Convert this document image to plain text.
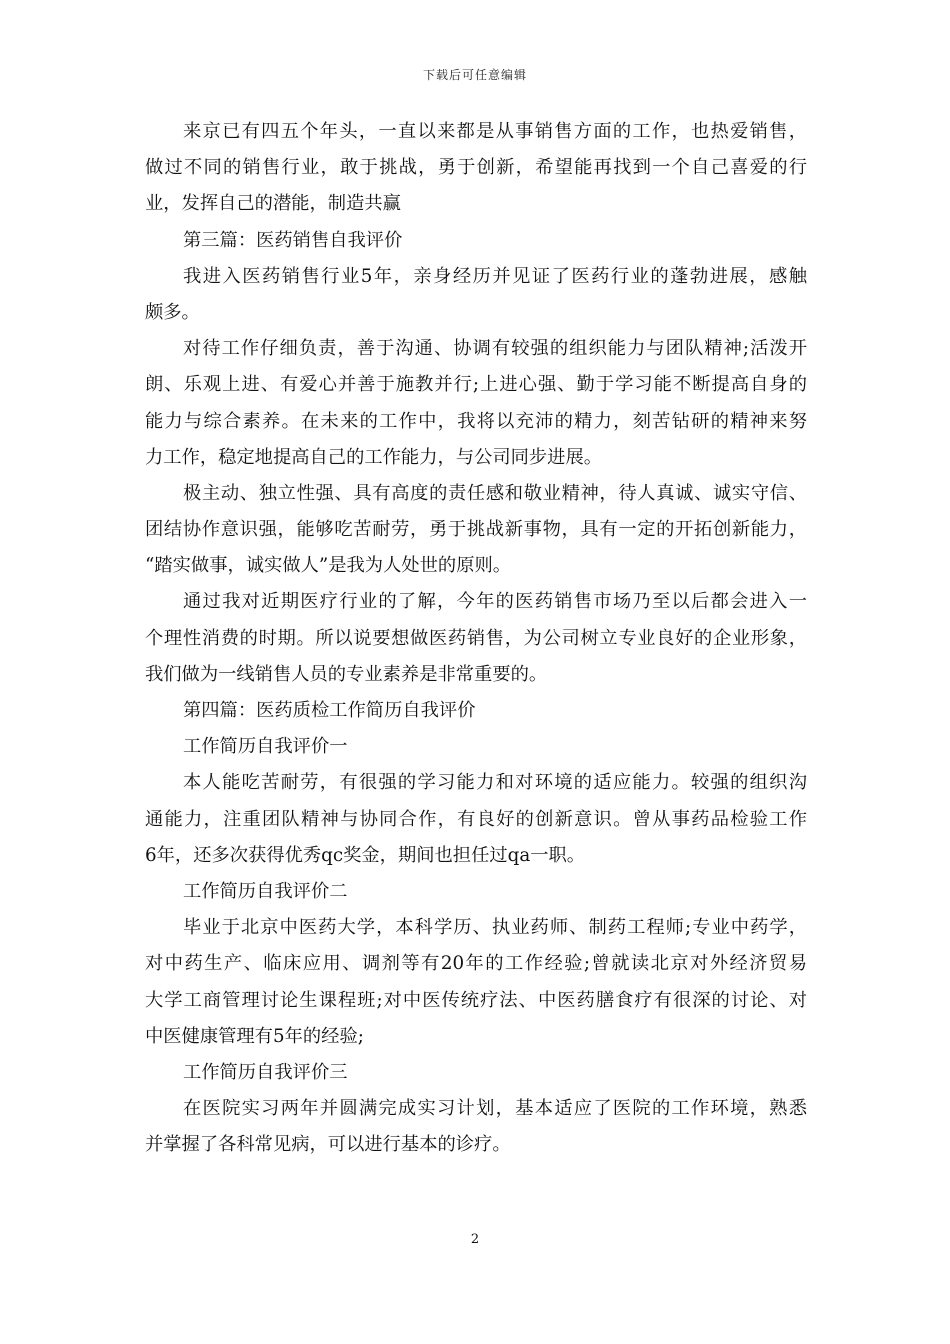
下载后可任意编辑
来京已有四五个年头，一直以来都是从事销售方面的工作，也热爱销售，
做过不同的销售行业，敢于挑战，勇于创新，希望能再找到一个自己喜爱的行
业，发挥自己的潜能，制造共赢
第三篇：医药销售自我评价
我进入医药销售行业5年，亲身经历并见证了医药行业的蓬勃进展，感触
颇多。
对待工作仔细负责，善于沟通、协调有较强的组织能力与团队精神;活泼开
朗、乐观上进、有爱心并善于施教并行;上进心强、勤于学习能不断提高自身的
能力与综合素养。在未来的工作中，我将以充沛的精力，刻苦钻研的精神来努
力工作，稳定地提高自己的工作能力，与公司同步进展。
极主动、独立性强、具有高度的责任感和敬业精神，待人真诚、诚实守信、
团结协作意识强，能够吃苦耐劳，勇于挑战新事物，具有一定的开拓创新能力，
“踏实做事，诚实做人”是我为人处世的原则。
通过我对近期医疗行业的了解，今年的医药销售市场乃至以后都会进入一
个理性消费的时期。所以说要想做医药销售，为公司树立专业良好的企业形象，
我们做为一线销售人员的专业素养是非常重要的。
第四篇：医药质检工作简历自我评价
工作简历自我评价一
本人能吃苦耐劳，有很强的学习能力和对环境的适应能力。较强的组织沟
通能力，注重团队精神与协同合作，有良好的创新意识。曾从事药品检验工作
6年，还多次获得优秀qc奖金，期间也担任过qa一职。
工作简历自我评价二
毕业于北京中医药大学，本科学历、执业药师、制药工程师;专业中药学，
对中药生产、临床应用、调剂等有20年的工作经验;曾就读北京对外经济贸易
大学工商管理讨论生课程班;对中医传统疗法、中医药膳食疗有很深的讨论、对
中医健康管理有5年的经验;
工作简历自我评价三
在医院实习两年并圆满完成实习计划，基本适应了医院的工作环境，熟悉
并掌握了各科常见病，可以进行基本的诊疗。
2
